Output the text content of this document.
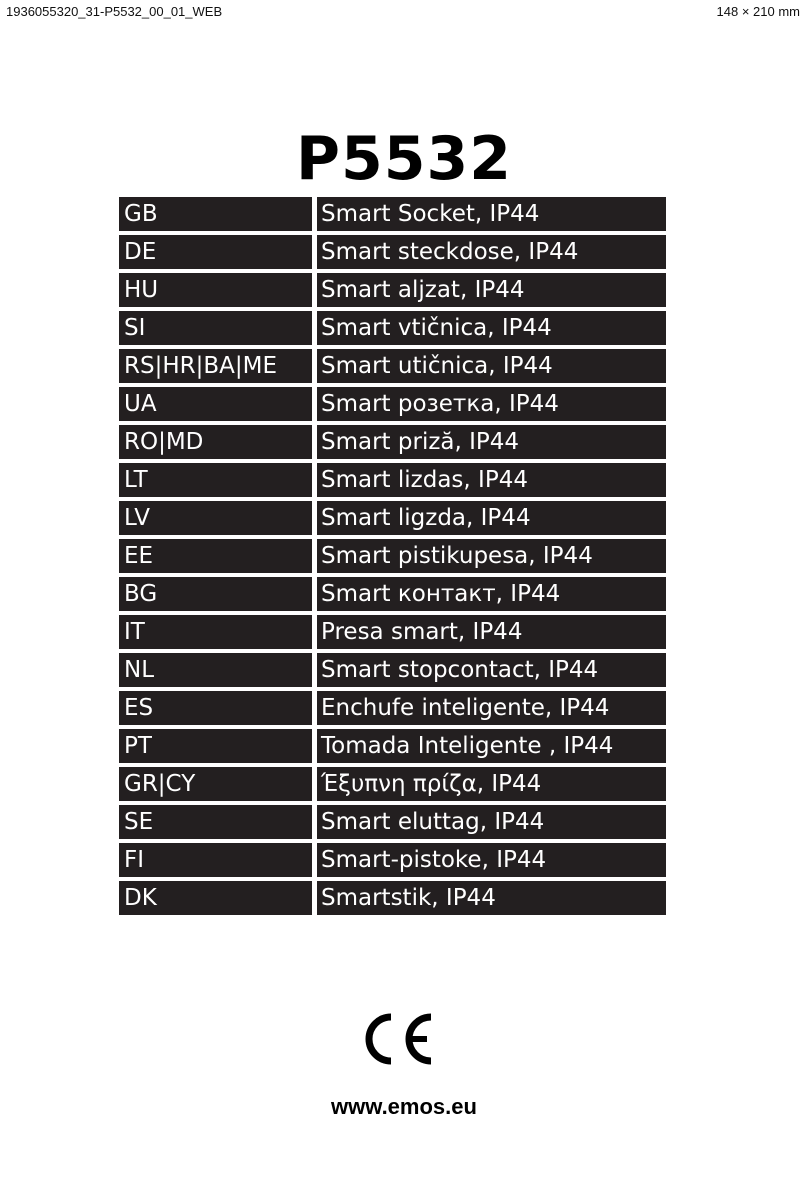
1936055320_31-P5532_00_01_WEB	148 × 210 mm
P5532
GB	Smart Socket, IP44
DE	Smart steckdose, IP44
HU	Smart aljzat, IP44
SI	Smart vtičnica, IP44
RS|HR|BA|ME	Smart utičnica, IP44
UA	Smart розетка, IP44
RO|MD	Smart priză, IP44
LT	Smart lizdas, IP44
LV	Smart ligzda, IP44
EE	Smart pistikupesa, IP44
BG	Smart контакт, IP44
IT	Presa smart, IP44
NL	Smart stopcontact, IP44
ES	Enchufe inteligente, IP44
PT	Tomada Inteligente , IP44
GR|CY	Έξυπνη πρίζα, IP44
SE	Smart eluttag, IP44
FI	Smart-pistoke, IP44
DK	Smartstik, IP44
www.emos.eu
